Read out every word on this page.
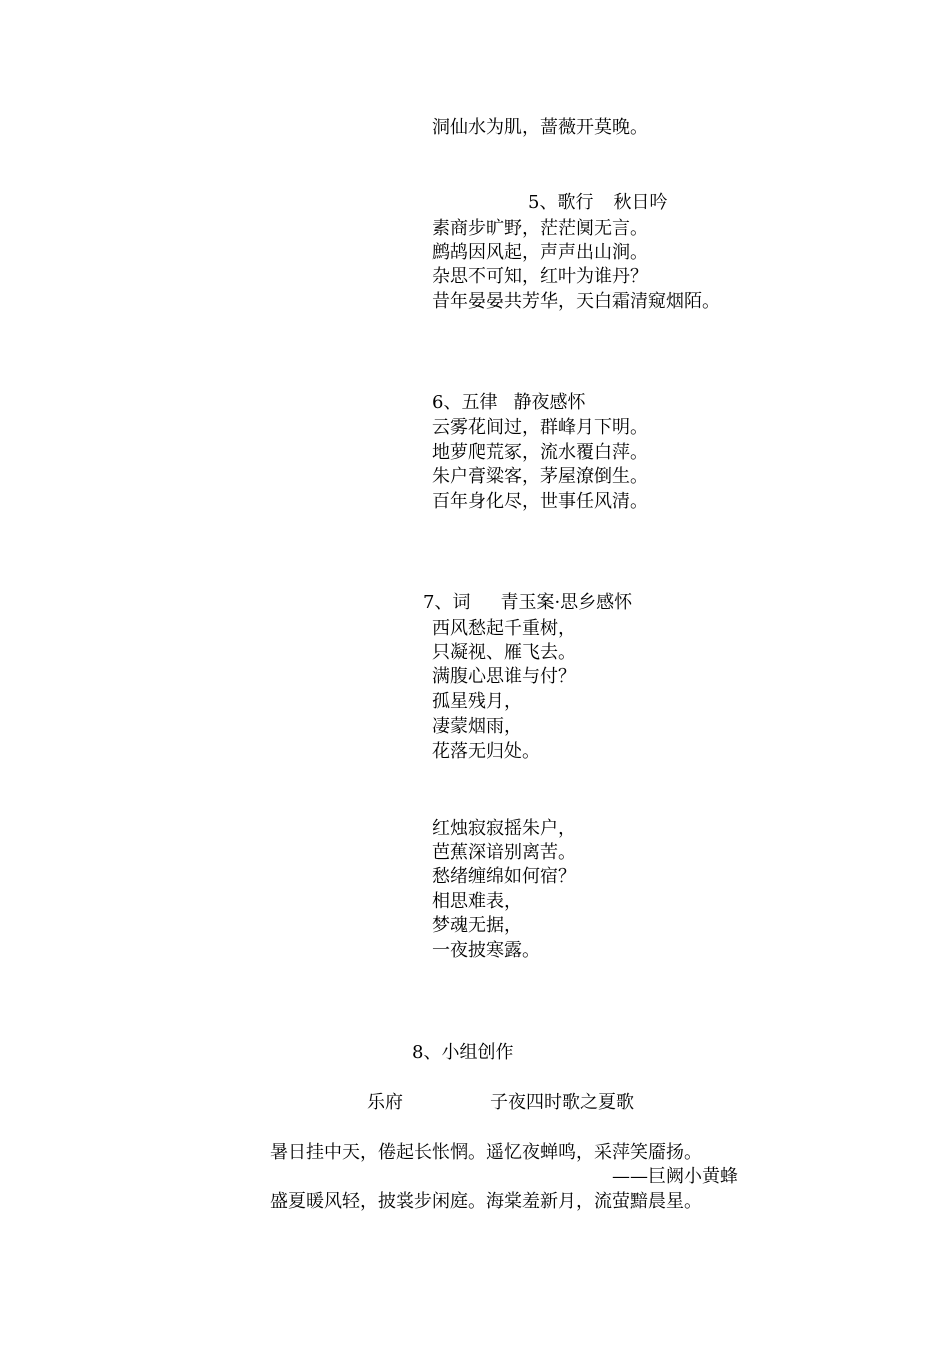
洞仙水为肌，蔷薇开莫晚。
5、歌行 秋日吟
素商步旷野，茫茫阒无言。
鹧鸪因风起，声声出山涧。
杂思不可知，红叶为谁丹？
昔年晏晏共芳华，天白霜清窥烟陌。
6、五律 静夜感怀
云雾花间过，群峰月下明。
地萝爬荒冢，流水覆白萍。
朱户膏粱客，茅屋潦倒生。
百年身化尽，世事任风清。
7、词 青玉案·思乡感怀
西风愁起千重树，
只凝视、雁飞去。
满腹心思谁与付？
孤星残月，
凄蒙烟雨，
花落无归处。
红烛寂寂摇朱户，
芭蕉深谙别离苦。
愁绪缠绵如何宿？
相思难表，
梦魂无据，
一夜披寒露。
8、小组创作
乐府	子夜四时歌之夏歌
暑日挂中天，倦起长怅惘。遥忆夜蝉鸣，采萍笑靥扬。
——巨阙小黄蜂
盛夏暖风轻，披裳步闲庭。海棠羞新月，流萤黯晨星。
